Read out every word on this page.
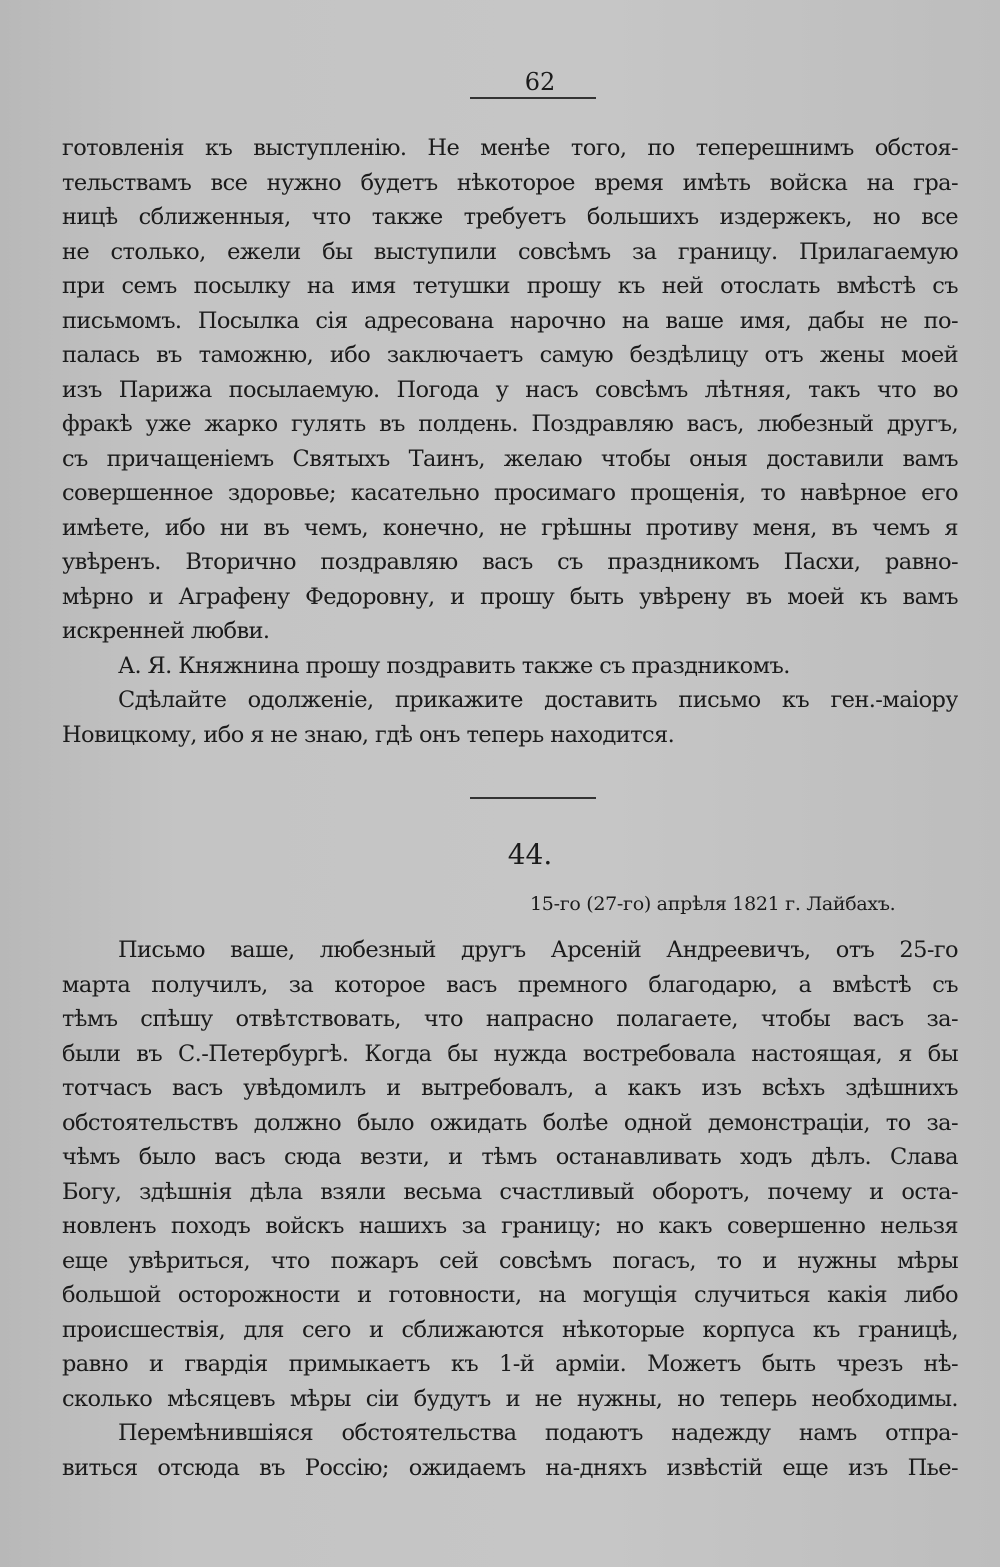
62
готовленія къ выступленію. Не менѣе того, по теперешнимъ обстоя-
тельствамъ все нужно будетъ нѣкоторое время имѣть войска на гра-
ницѣ сближенныя, что также требуетъ большихъ издержекъ, но все
не столько, ежели бы выступили совсѣмъ за границу. Прилагаемую
при семъ посылку на имя тетушки прошу къ ней отослать вмѣстѣ съ
письмомъ. Посылка сія адресована нарочно на ваше имя, дабы не по-
палась въ таможню, ибо заключаетъ самую бездѣлицу отъ жены моей
изъ Парижа посылаемую. Погода у насъ совсѣмъ лѣтняя, такъ что во
фракѣ уже жарко гулять въ полдень. Поздравляю васъ, любезный другъ,
съ причащеніемъ Святыхъ Таинъ, желаю чтобы оныя доставили вамъ
совершенное здоровье; касательно просимаго прощенія, то навѣрное его
имѣете, ибо ни въ чемъ, конечно, не грѣшны противу меня, въ чемъ я
увѣренъ. Вторично поздравляю васъ съ праздникомъ Пасхи, равно-
мѣрно и Аграфену Федоровну, и прошу быть увѣрену въ моей къ вамъ
искренней любви.
А. Я. Княжнина прошу поздравить также съ праздникомъ.
Сдѣлайте одолженіе, прикажите доставить письмо къ ген.-маіору
Новицкому, ибо я не знаю, гдѣ онъ теперь находится.
44.
15-го (27-го) апрѣля 1821 г. Лайбахъ.
Письмо ваше, любезный другъ Арсеній Андреевичъ, отъ 25-го
марта получилъ, за которое васъ премного благодарю, а вмѣстѣ съ
тѣмъ спѣшу отвѣтствовать, что напрасно полагаете, чтобы васъ за-
были въ С.-Петербургѣ. Когда бы нужда востребовала настоящая, я бы
тотчасъ васъ увѣдомилъ и вытребовалъ, а какъ изъ всѣхъ здѣшнихъ
обстоятельствъ должно было ожидать болѣе одной демонстраціи, то за-
чѣмъ было васъ сюда везти, и тѣмъ останавливать ходъ дѣлъ. Слава
Богу, здѣшнія дѣла взяли весьма счастливый оборотъ, почему и оста-
новленъ походъ войскъ нашихъ за границу; но какъ совершенно нельзя
еще увѣриться, что пожаръ сей совсѣмъ погасъ, то и нужны мѣры
большой осторожности и готовности, на могущія случиться какія либо
происшествія, для сего и сближаются нѣкоторые корпуса къ границѣ,
равно и гвардія примыкаетъ къ 1-й арміи. Можетъ быть чрезъ нѣ-
сколько мѣсяцевъ мѣры сіи будутъ и не нужны, но теперь необходимы.
Перемѣнившіяся обстоятельства подаютъ надежду намъ отпра-
виться отсюда въ Россію; ожидаемъ на-дняхъ извѣстій еще изъ Пье-
